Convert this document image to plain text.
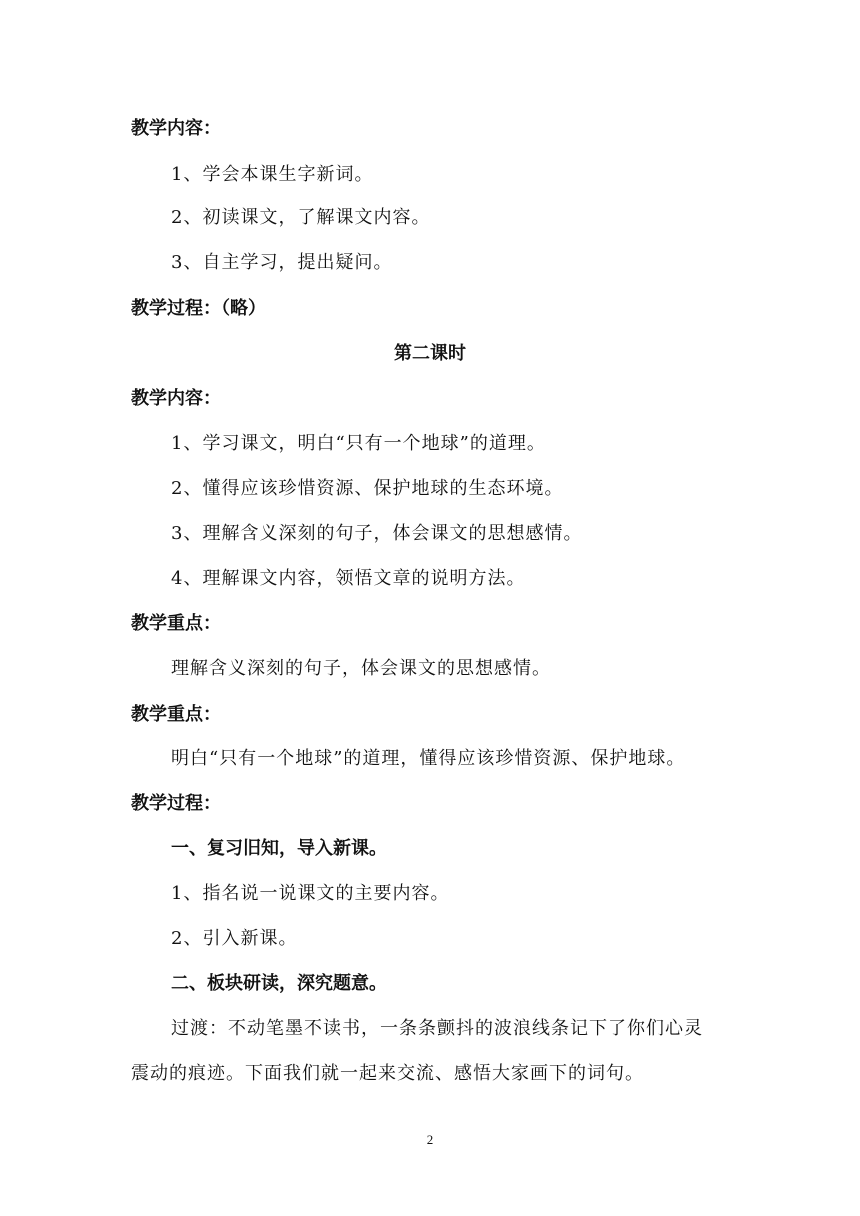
教学内容：
1、学会本课生字新词。
2、初读课文，了解课文内容。
3、自主学习，提出疑问。
教学过程：（略）
第二课时
教学内容：
1、学习课文，明白“只有一个地球”的道理。
2、懂得应该珍惜资源、保护地球的生态环境。
3、理解含义深刻的句子，体会课文的思想感情。
4、理解课文内容，领悟文章的说明方法。
教学重点：
理解含义深刻的句子，体会课文的思想感情。
教学重点：
明白“只有一个地球”的道理，懂得应该珍惜资源、保护地球。
教学过程：
一、复习旧知，导入新课。
1、指名说一说课文的主要内容。
2、引入新课。
二、板块研读，深究题意。
过渡：不动笔墨不读书，一条条颤抖的波浪线条记下了你们心灵
震动的痕迹。下面我们就一起来交流、感悟大家画下的词句。
2
